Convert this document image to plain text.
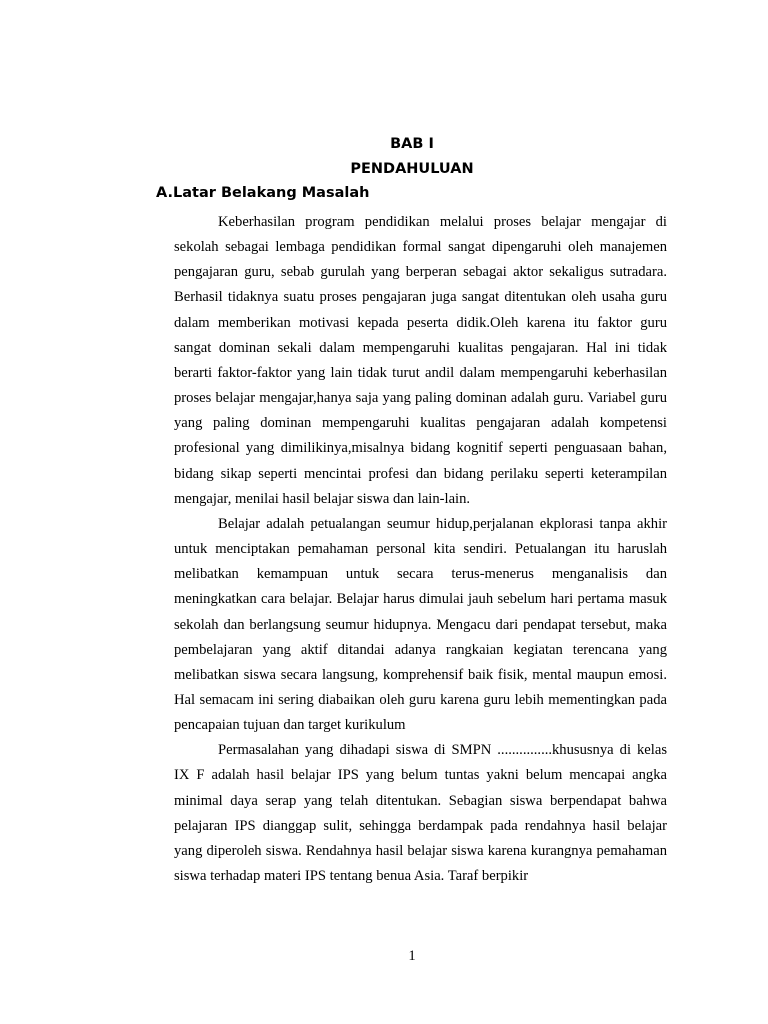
BAB I

PENDAHULUAN

A.Latar Belakang Masalah

Keberhasilan program pendidikan melalui proses belajar mengajar di sekolah sebagai lembaga pendidikan formal sangat dipengaruhi oleh manajemen pengajaran guru, sebab gurulah yang berperan sebagai aktor sekaligus sutradara. Berhasil tidaknya suatu proses pengajaran juga sangat ditentukan oleh usaha guru dalam memberikan motivasi kepada peserta didik.Oleh karena itu faktor guru sangat dominan sekali dalam mempengaruhi kualitas pengajaran. Hal ini tidak berarti faktor-faktor yang lain tidak turut andil dalam mempengaruhi keberhasilan proses belajar mengajar,hanya saja yang paling dominan adalah guru. Variabel guru yang paling dominan mempengaruhi kualitas pengajaran adalah kompetensi profesional yang dimilikinya,misalnya bidang kognitif seperti penguasaan bahan, bidang sikap seperti mencintai profesi dan bidang perilaku seperti keterampilan mengajar, menilai hasil belajar siswa dan lain-lain.

Belajar adalah petualangan seumur hidup,perjalanan ekplorasi tanpa akhir untuk menciptakan pemahaman personal kita sendiri. Petualangan itu haruslah melibatkan kemampuan untuk secara terus-menerus menganalisis dan meningkatkan cara belajar. Belajar harus dimulai jauh sebelum hari pertama masuk sekolah dan berlangsung seumur hidupnya. Mengacu dari pendapat tersebut, maka pembelajaran yang aktif ditandai adanya rangkaian kegiatan terencana yang melibatkan siswa secara langsung, komprehensif baik fisik, mental maupun emosi. Hal semacam ini sering diabaikan oleh guru karena guru lebih mementingkan pada pencapaian tujuan dan target kurikulum

Permasalahan yang dihadapi siswa di SMPN ...............khususnya di kelas IX F adalah hasil belajar IPS yang belum tuntas yakni belum mencapai angka minimal daya serap yang telah ditentukan. Sebagian siswa berpendapat bahwa pelajaran IPS dianggap sulit, sehingga berdampak pada rendahnya hasil belajar yang diperoleh siswa. Rendahnya hasil belajar siswa karena kurangnya pemahaman siswa terhadap materi IPS tentang benua Asia. Taraf berpikir

1
